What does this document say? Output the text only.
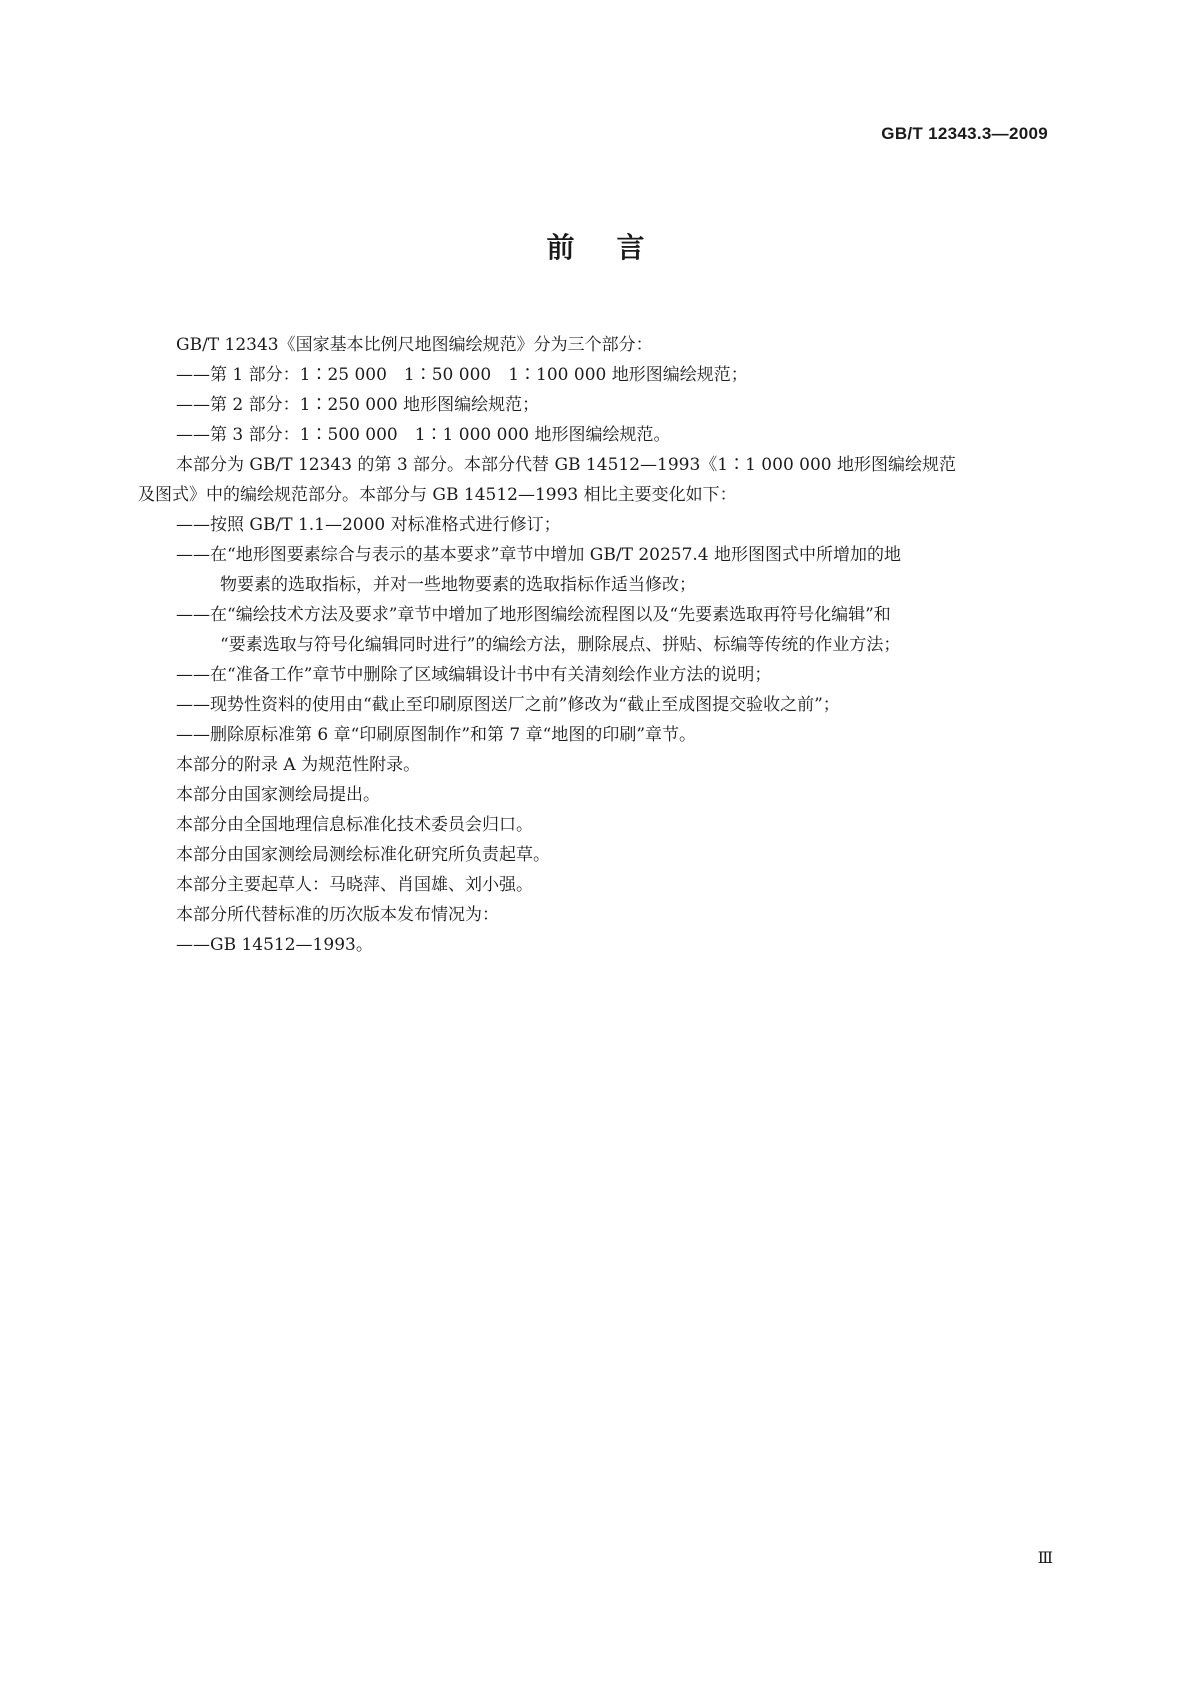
GB/T 12343.3—2009
前言

GB/T 12343《国家基本比例尺地图编绘规范》分为三个部分：

——第 1 部分：1∶25 000　1∶50 000　1∶100 000 地形图编绘规范；

——第 2 部分：1∶250 000 地形图编绘规范；

——第 3 部分：1∶500 000　1∶1 000 000 地形图编绘规范。

本部分为 GB/T 12343 的第 3 部分。本部分代替 GB 14512—1993《1∶1 000 000 地形图编绘规范

及图式》中的编绘规范部分。本部分与 GB 14512—1993 相比主要变化如下：

——按照 GB/T 1.1—2000 对标准格式进行修订；

——在“地形图要素综合与表示的基本要求”章节中增加 GB/T 20257.4 地形图图式中所增加的地

物要素的选取指标，并对一些地物要素的选取指标作适当修改；

——在“编绘技术方法及要求”章节中增加了地形图编绘流程图以及“先要素选取再符号化编辑”和

“要素选取与符号化编辑同时进行”的编绘方法，删除展点、拼贴、标编等传统的作业方法；

——在“准备工作”章节中删除了区域编辑设计书中有关清刻绘作业方法的说明；

——现势性资料的使用由“截止至印刷原图送厂之前”修改为“截止至成图提交验收之前”；

——删除原标准第 6 章“印刷原图制作”和第 7 章“地图的印刷”章节。

本部分的附录 A 为规范性附录。

本部分由国家测绘局提出。

本部分由全国地理信息标准化技术委员会归口。

本部分由国家测绘局测绘标准化研究所负责起草。

本部分主要起草人：马晓萍、肖国雄、刘小强。

本部分所代替标准的历次版本发布情况为：

——GB 14512—1993。

Ⅲ
